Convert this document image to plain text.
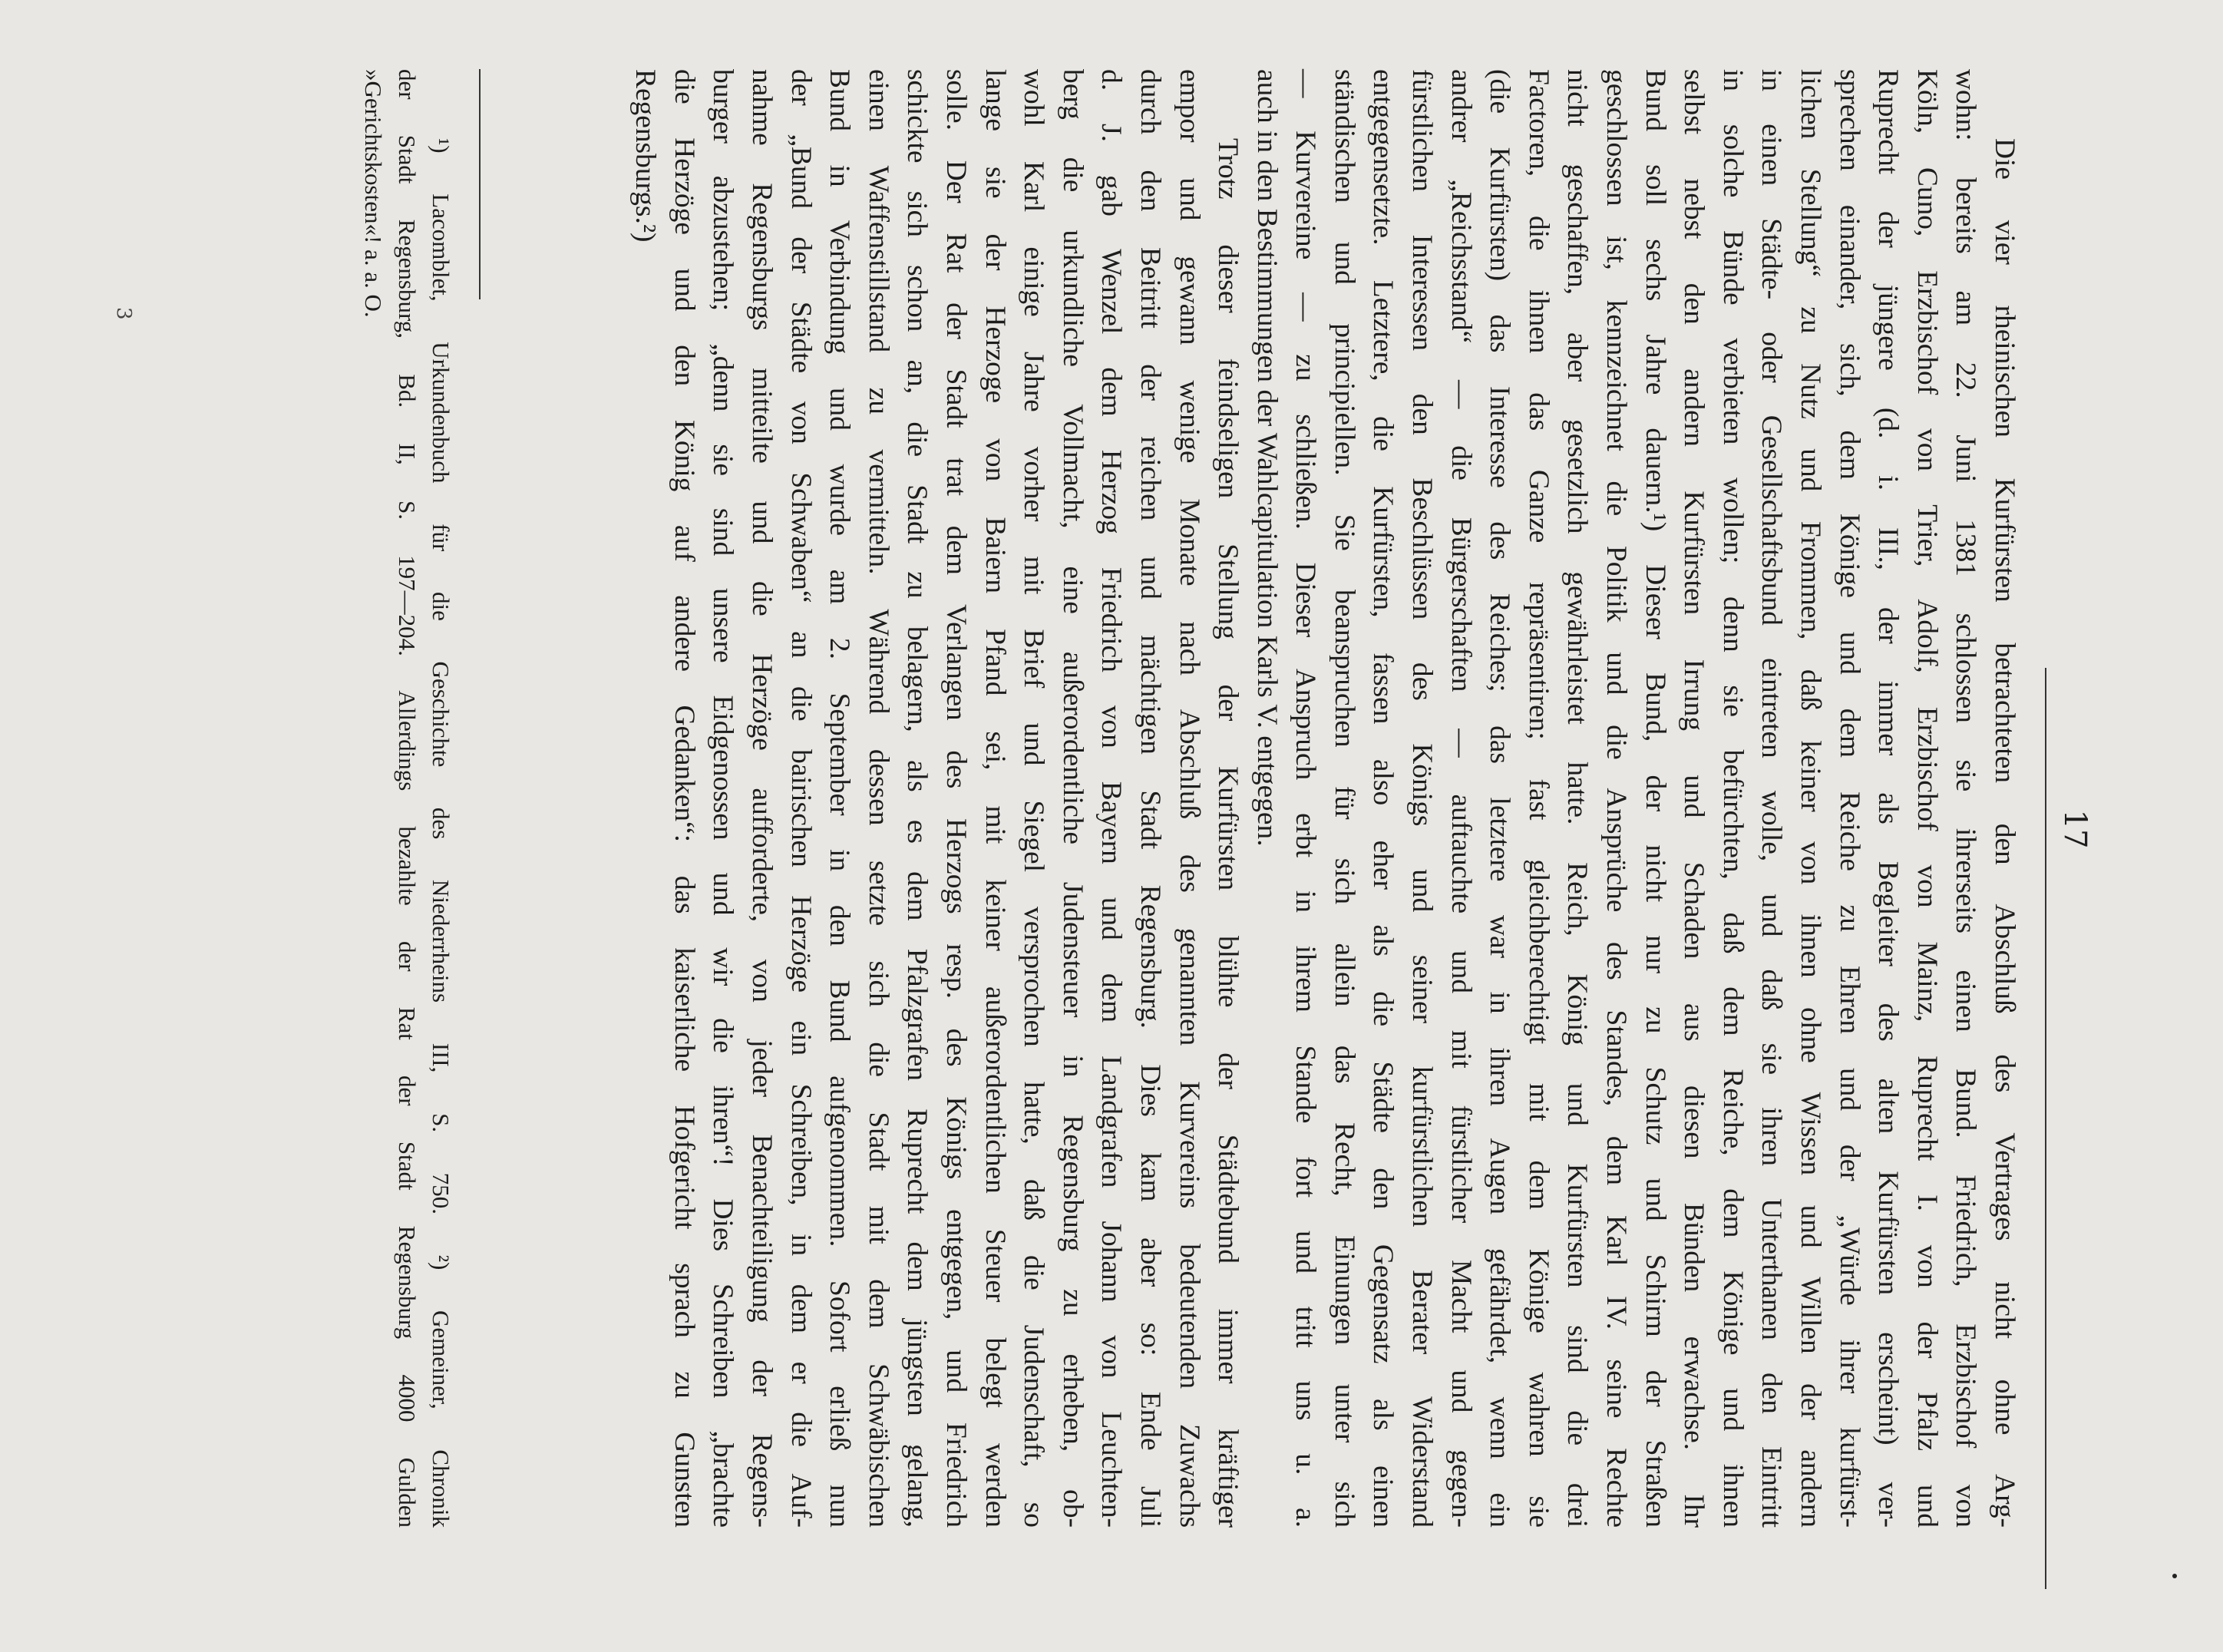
17
Die vier rheinischen Kurfürsten betrachteten den Abschluß des Vertrages nicht ohne Arg-
wohn: bereits am 22. Juni 1381 schlossen sie ihrerseits einen Bund. Friedrich, Erzbischof von
Köln, Cuno, Erzbischof von Trier, Adolf, Erzbischof von Mainz, Ruprecht I. von der Pfalz und
Ruprecht der jüngere (d. i. III., der immer als Begleiter des alten Kurfürsten erscheint) ver-
sprechen einander, sich, dem Könige und dem Reiche zu Ehren und der „Würde ihrer kurfürst-
lichen Stellung“ zu Nutz und Frommen, daß keiner von ihnen ohne Wissen und Willen der andern
in einen Städte- oder Gesellschaftsbund eintreten wolle, und daß sie ihren Unterthanen den Eintritt
in solche Bünde verbieten wollen; denn sie befürchten, daß dem Reiche, dem Könige und ihnen
selbst nebst den andern Kurfürsten Irrung und Schaden aus diesen Bünden erwachse. Ihr
Bund soll sechs Jahre dauern.¹) Dieser Bund, der nicht nur zu Schutz und Schirm der Straßen
geschlossen ist, kennzeichnet die Politik und die Ansprüche des Standes, dem Karl IV. seine Rechte
nicht geschaffen, aber gesetzlich gewährleistet hatte. Reich, König und Kurfürsten sind die drei
Factoren, die ihnen das Ganze repräsentiren; fast gleichberechtigt mit dem Könige wahren sie
(die Kurfürsten) das Interesse des Reiches; das letztere war in ihren Augen gefährdet, wenn ein
andrer „Reichsstand“ — die Bürgerschaften — auftauchte und mit fürstlicher Macht und gegen-
fürstlichen Interessen den Beschlüssen des Königs und seiner kurfürstlichen Berater Widerstand
entgegensetzte. Letztere, die Kurfürsten, fassen also eher als die Städte den Gegensatz als einen
ständischen und principiellen. Sie beanspruchen für sich allein das Recht, Einungen unter sich
— Kurvereine — zu schließen. Dieser Anspruch erbt in ihrem Stande fort und tritt uns u. a.
auch in den Bestimmungen der Wahlcapitulation Karls V. entgegen.
Trotz dieser feindseligen Stellung der Kurfürsten blühte der Städtebund immer kräftiger
empor und gewann wenige Monate nach Abschluß des genannten Kurvereins bedeutenden Zuwachs
durch den Beitritt der reichen und mächtigen Stadt Regensburg. Dies kam aber so: Ende Juli
d. J. gab Wenzel dem Herzog Friedrich von Bayern und dem Landgrafen Johann von Leuchten-
berg die urkundliche Vollmacht, eine außerordentliche Judensteuer in Regensburg zu erheben, ob-
wohl Karl einige Jahre vorher mit Brief und Siegel versprochen hatte, daß die Judenschaft, so
lange sie der Herzoge von Baiern Pfand sei, mit keiner außerordentlichen Steuer belegt werden
solle. Der Rat der Stadt trat dem Verlangen des Herzogs resp. des Königs entgegen, und Friedrich
schickte sich schon an, die Stadt zu belagern, als es dem Pfalzgrafen Ruprecht dem jüngsten gelang,
einen Waffenstillstand zu vermitteln. Während dessen setzte sich die Stadt mit dem Schwäbischen
Bund in Verbindung und wurde am 2. September in den Bund aufgenommen. Sofort erließ nun
der „Bund der Städte von Schwaben“ an die bairischen Herzöge ein Schreiben, in dem er die Auf-
nahme Regensburgs mitteilte und die Herzöge aufforderte, von jeder Benachteiligung der Regens-
burger abzustehen; „denn sie sind unsere Eidgenossen und wir die ihren“! Dies Schreiben „brachte
die Herzöge und den König auf andere Gedanken“: das kaiserliche Hofgericht sprach zu Gunsten
Regensburgs.²)
¹) Lacomblet, Urkundenbuch für die Geschichte des Niederrheins III, S. 750. ²) Gemeiner, Chronik
der Stadt Regensburg, Bd. II, S. 197—204. Allerdings bezahlte der Rat der Stadt Regensburg 4000 Gulden
»Gerichtskosten«! a. a. O.
3
